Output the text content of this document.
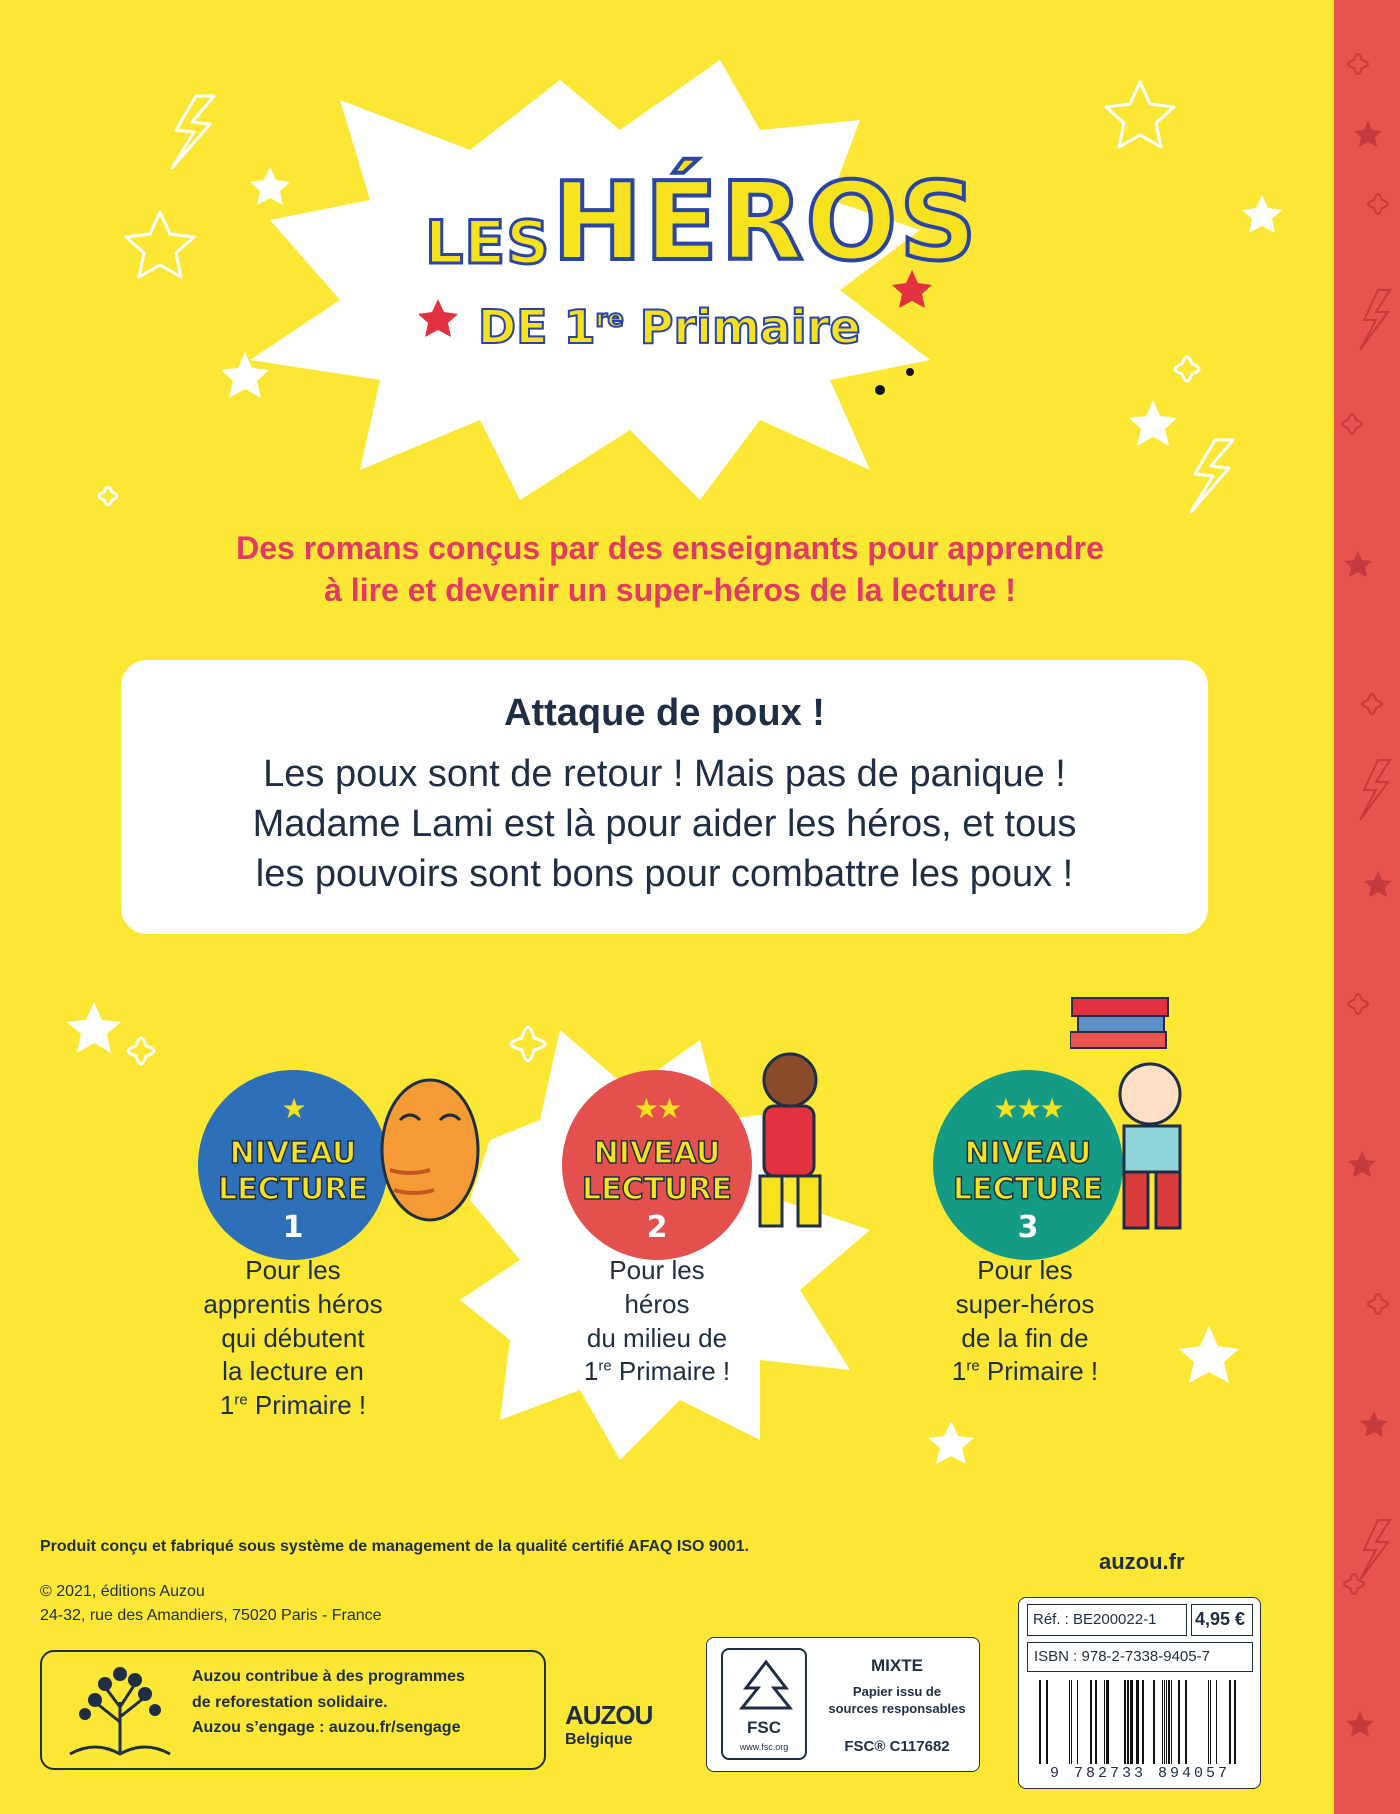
LES HÉROS
DE 1re Primaire
Des romans conçus par des enseignants pour apprendre
à lire et devenir un super-héros de la lecture !
Attaque de poux !

Les poux sont de retour ! Mais pas de panique !
Madame Lami est là pour aider les héros, et tous
les pouvoirs sont bons pour combattre les poux !

★
NIVEAU
LECTURE
1
Pour les
apprentis héros
qui débutent
la lecture en
1re Primaire !
★★
NIVEAU
LECTURE
2
Pour les
héros
du milieu de
1re Primaire !
★★★
NIVEAU
LECTURE
3
Pour les
super-héros
de la fin de
1re Primaire !
Produit conçu et fabriqué sous système de management de la qualité certifié AFAQ ISO 9001.
© 2021, éditions Auzou
24-32, rue des Amandiers, 75020 Paris - France
auzou.fr
Auzou contribue à des programmes
de reforestation solidaire.
Auzou s’engage : auzou.fr/sengage	AUZOU
Belgique
FSC
www.fsc.org
MIXTE
Papier issu de
sources responsables
FSC® C117682
Réf. : BE200022-1	4,95 €
ISBN : 978-2-7338-9405-7
9 782733 894057
